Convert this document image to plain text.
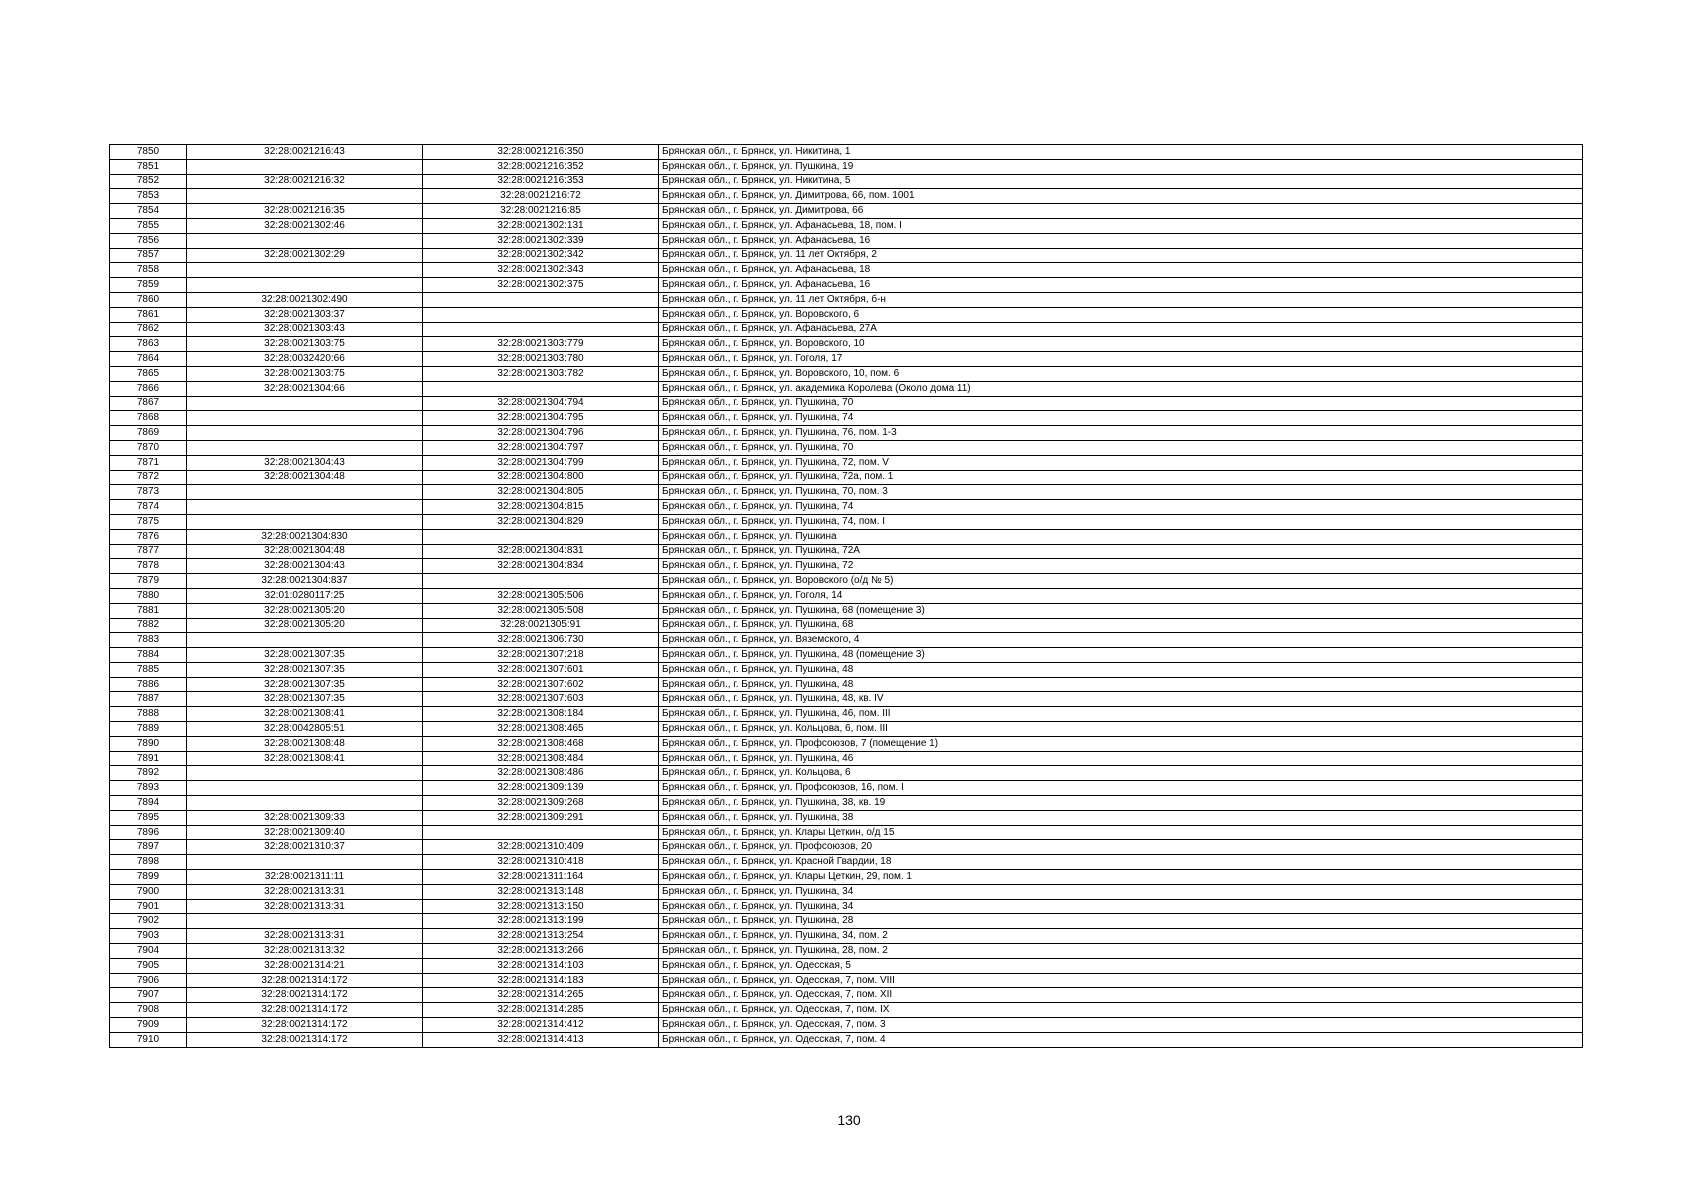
7850	32:28:0021216:43	32:28:0021216:350	Брянская обл., г. Брянск, ул. Никитина, 1
7851		32:28:0021216:352	Брянская обл., г. Брянск, ул. Пушкина, 19
7852	32:28:0021216:32	32:28:0021216:353	Брянская обл., г. Брянск, ул. Никитина, 5
7853		32:28:0021216:72	Брянская обл., г. Брянск, ул. Димитрова, 66, пом. 1001
7854	32:28:0021216:35	32:28:0021216:85	Брянская обл., г. Брянск, ул. Димитрова, 66
7855	32:28:0021302:46	32:28:0021302:131	Брянская обл., г. Брянск, ул. Афанасьева, 18, пом. I
7856		32:28:0021302:339	Брянская обл., г. Брянск, ул. Афанасьева, 16
7857	32:28:0021302:29	32:28:0021302:342	Брянская обл., г. Брянск, ул. 11 лет Октября, 2
7858		32:28:0021302:343	Брянская обл., г. Брянск, ул. Афанасьева, 18
7859		32:28:0021302:375	Брянская обл., г. Брянск, ул. Афанасьева, 16
7860	32:28:0021302:490		Брянская обл., г. Брянск, ул. 11 лет Октября, б-н
7861	32:28:0021303:37		Брянская обл., г. Брянск, ул. Воровского, 6
7862	32:28:0021303:43		Брянская обл., г. Брянск, ул. Афанасьева, 27А
7863	32:28:0021303:75	32:28:0021303:779	Брянская обл., г. Брянск, ул. Воровского, 10
7864	32:28:0032420:66	32:28:0021303:780	Брянская обл., г. Брянск, ул. Гоголя, 17
7865	32:28:0021303:75	32:28:0021303:782	Брянская обл., г. Брянск, ул. Воровского, 10, пом. 6
7866	32:28:0021304:66		Брянская обл., г. Брянск, ул. академика Королева (Около дома 11)
7867		32:28:0021304:794	Брянская обл., г. Брянск, ул. Пушкина, 70
7868		32:28:0021304:795	Брянская обл., г. Брянск, ул. Пушкина, 74
7869		32:28:0021304:796	Брянская обл., г. Брянск, ул. Пушкина, 76, пом. 1-3
7870		32:28:0021304:797	Брянская обл., г. Брянск, ул. Пушкина, 70
7871	32:28:0021304:43	32:28:0021304:799	Брянская обл., г. Брянск, ул. Пушкина, 72, пом. V
7872	32:28:0021304:48	32:28:0021304:800	Брянская обл., г. Брянск, ул. Пушкина, 72а, пом. 1
7873		32:28:0021304:805	Брянская обл., г. Брянск, ул. Пушкина, 70, пом. 3
7874		32:28:0021304:815	Брянская обл., г. Брянск, ул. Пушкина, 74
7875		32:28:0021304:829	Брянская обл., г. Брянск, ул. Пушкина, 74, пом. I
7876	32:28:0021304:830		Брянская обл., г. Брянск, ул. Пушкина
7877	32:28:0021304:48	32:28:0021304:831	Брянская обл., г. Брянск, ул. Пушкина, 72А
7878	32:28:0021304:43	32:28:0021304:834	Брянская обл., г. Брянск, ул. Пушкина, 72
7879	32:28:0021304:837		Брянская обл., г. Брянск, ул. Воровского (о/д № 5)
7880	32:01:0280117:25	32:28:0021305:506	Брянская обл., г. Брянск, ул. Гоголя, 14
7881	32:28:0021305:20	32:28:0021305:508	Брянская обл., г. Брянск, ул. Пушкина, 68 (помещение 3)
7882	32:28:0021305:20	32:28:0021305:91	Брянская обл., г. Брянск, ул. Пушкина, 68
7883		32:28:0021306:730	Брянская обл., г. Брянск, ул. Вяземского, 4
7884	32:28:0021307:35	32:28:0021307:218	Брянская обл., г. Брянск, ул. Пушкина, 48 (помещение 3)
7885	32:28:0021307:35	32:28:0021307:601	Брянская обл., г. Брянск, ул. Пушкина, 48
7886	32:28:0021307:35	32:28:0021307:602	Брянская обл., г. Брянск, ул. Пушкина, 48
7887	32:28:0021307:35	32:28:0021307:603	Брянская обл., г. Брянск, ул. Пушкина, 48, кв. IV
7888	32:28:0021308:41	32:28:0021308:184	Брянская обл., г. Брянск, ул. Пушкина, 46, пом. III
7889	32:28:0042805:51	32:28:0021308:465	Брянская обл., г. Брянск, ул. Кольцова, 6, пом. III
7890	32:28:0021308:48	32:28:0021308:468	Брянская обл., г. Брянск, ул. Профсоюзов, 7 (помещение 1)
7891	32:28:0021308:41	32:28:0021308:484	Брянская обл., г. Брянск, ул. Пушкина, 46
7892		32:28:0021308:486	Брянская обл., г. Брянск, ул. Кольцова, 6
7893		32:28:0021309:139	Брянская обл., г. Брянск, ул. Профсоюзов, 16, пом. I
7894		32:28:0021309:268	Брянская обл., г. Брянск, ул. Пушкина, 38, кв. 19
7895	32:28:0021309:33	32:28:0021309:291	Брянская обл., г. Брянск, ул. Пушкина, 38
7896	32:28:0021309:40		Брянская обл., г. Брянск, ул. Клары Цеткин, о/д 15
7897	32:28:0021310:37	32:28:0021310:409	Брянская обл., г. Брянск, ул. Профсоюзов, 20
7898		32:28:0021310:418	Брянская обл., г. Брянск, ул. Красной Гвардии, 18
7899	32:28:0021311:11	32:28:0021311:164	Брянская обл., г. Брянск, ул. Клары Цеткин, 29, пом. 1
7900	32:28:0021313:31	32:28:0021313:148	Брянская обл., г. Брянск, ул. Пушкина, 34
7901	32:28:0021313:31	32:28:0021313:150	Брянская обл., г. Брянск, ул. Пушкина, 34
7902		32:28:0021313:199	Брянская обл., г. Брянск, ул. Пушкина, 28
7903	32:28:0021313:31	32:28:0021313:254	Брянская обл., г. Брянск, ул. Пушкина, 34, пом. 2
7904	32:28:0021313:32	32:28:0021313:266	Брянская обл., г. Брянск, ул. Пушкина, 28, пом. 2
7905	32:28:0021314:21	32:28:0021314:103	Брянская обл., г. Брянск, ул. Одесская, 5
7906	32:28:0021314:172	32:28:0021314:183	Брянская обл., г. Брянск, ул. Одесская, 7, пом. VIII
7907	32:28:0021314:172	32:28:0021314:265	Брянская обл., г. Брянск, ул. Одесская, 7, пом. XII
7908	32:28:0021314:172	32:28:0021314:285	Брянская обл., г. Брянск, ул. Одесская, 7, пом. IX
7909	32:28:0021314:172	32:28:0021314:412	Брянская обл., г. Брянск, ул. Одесская, 7, пом. 3
7910	32:28:0021314:172	32:28:0021314:413	Брянская обл., г. Брянск, ул. Одесская, 7, пом. 4
130
